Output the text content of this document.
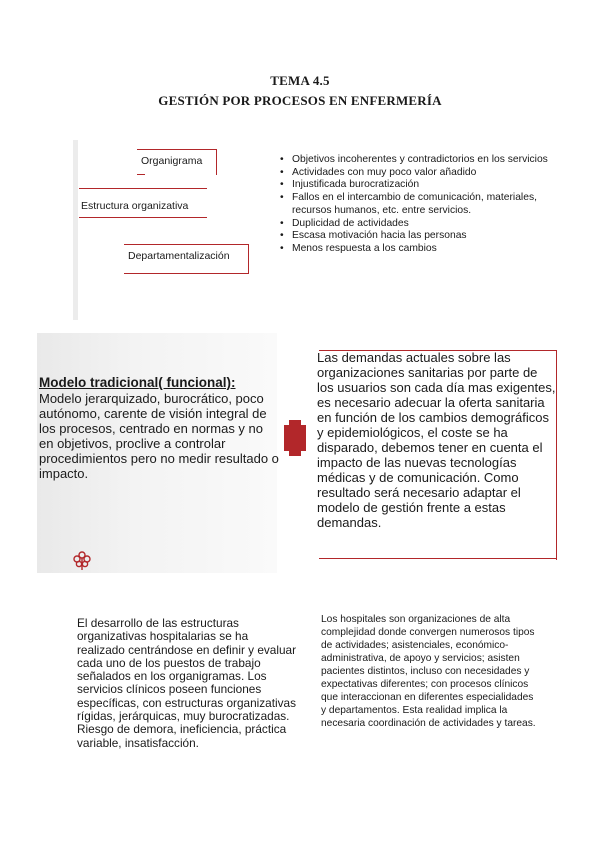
TEMA 4.5
GESTIÓN POR PROCESOS EN ENFERMERÍA
Organigrama
Estructura organizativa
Departamentalización
• Objetivos incoherentes y contradictorios en los servicios
• Actividades con muy poco valor añadido
• Injustificada burocratización
• Fallos en el intercambio de comunicación, materiales, recursos humanos, etc. entre servicios.
• Duplicidad de actividades
• Escasa motivación hacia las personas
• Menos respuesta a los cambios
Modelo tradicional( funcional):
Modelo jerarquizado, burocrático, poco autónomo, carente de visión integral de los procesos, centrado en normas y no en objetivos, proclive a controlar procedimientos pero no medir resultado o impacto.
Las demandas actuales sobre las organizaciones sanitarias por parte de los usuarios son cada día mas exigentes, es necesario adecuar la oferta sanitaria en función de los cambios demográficos y epidemiológicos, el coste se ha disparado, debemos tener en cuenta el impacto de las nuevas tecnologías médicas y de comunicación. Como resultado será necesario adaptar el modelo de gestión frente a estas demandas.
El desarrollo de las estructuras organizativas hospitalarias se ha realizado centrándose en definir y evaluar cada uno de los puestos de trabajo señalados en los organigramas. Los servicios clínicos poseen funciones específicas, con estructuras organizativas rígidas, jerárquicas, muy burocratizadas.
Riesgo de demora, ineficiencia, práctica variable, insatisfacción.
Los hospitales son organizaciones de alta complejidad donde convergen numerosos tipos de actividades; asistenciales, económico-administrativa, de apoyo y servicios; asisten pacientes distintos, incluso con necesidades y expectativas diferentes; con procesos clínicos que interaccionan en diferentes especialidades y departamentos. Esta realidad implica la necesaria coordinación de actividades y tareas.
